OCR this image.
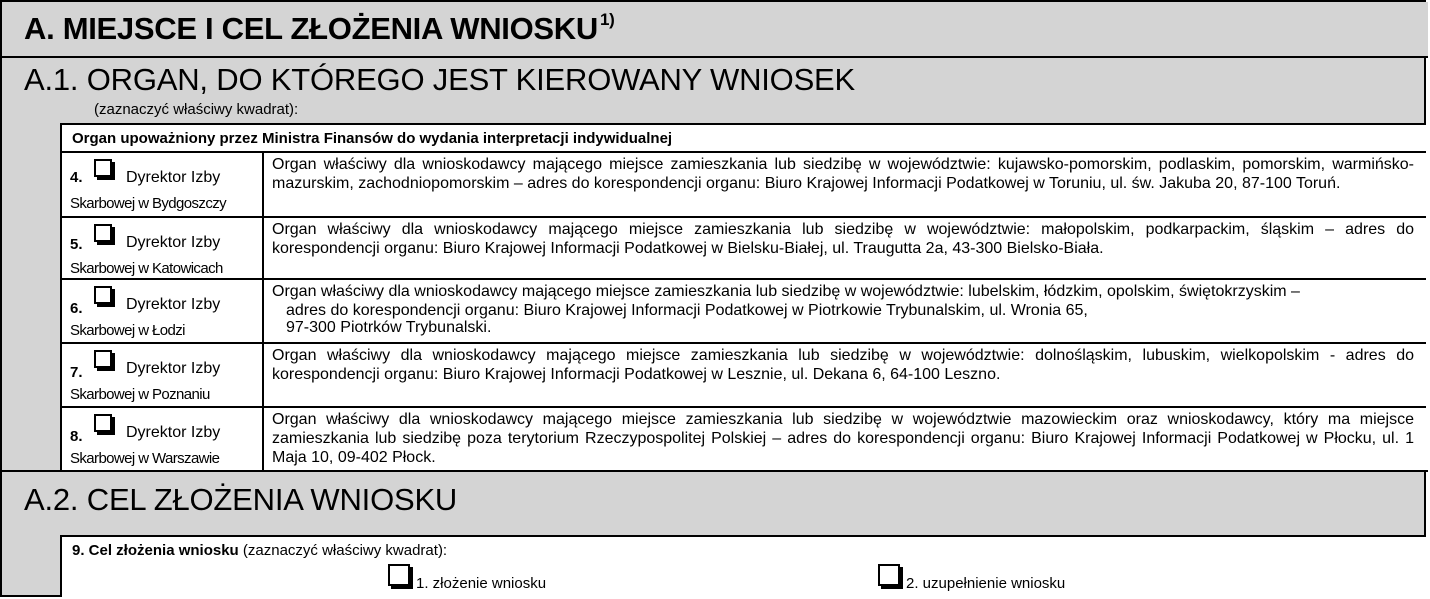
A. MIEJSCE I CEL ZŁOŻENIA WNIOSKU $^{1)}$
A.1. ORGAN, DO KTÓREGO JEST KIEROWANY WNIOSEK
(zaznaczyć właściwy kwadrat):
Organ upoważniony przez Ministra Finansów do wydania interpretacji indywidualnej
4.	Dyrektor Izby
Skarbowej w Bydgoszczy
Organ właściwy dla wnioskodawcy mającego miejsce zamieszkania lub siedzibę w województwie: kujawsko-pomorskim, podlaskim, pomorskim, warmińsko-mazurskim, zachodniopomorskim – adres do korespondencji organu: Biuro Krajowej Informacji Podatkowej w Toruniu, ul. św. Jakuba 20, 87-100 Toruń.
5.	Dyrektor Izby
Skarbowej w Katowicach
Organ właściwy dla wnioskodawcy mającego miejsce zamieszkania lub siedzibę w województwie: małopolskim, podkarpackim, śląskim – adres do korespondencji organu: Biuro Krajowej Informacji Podatkowej w Bielsku-Białej, ul. Traugutta 2a, 43-300 Bielsko-Biała.
6.	Dyrektor Izby
Skarbowej w Łodzi
Organ właściwy dla wnioskodawcy mającego miejsce zamieszkania lub siedzibę w województwie: lubelskim, łódzkim, opolskim, świętokrzyskim –
adres do korespondencji organu: Biuro Krajowej Informacji Podatkowej w Piotrkowie Trybunalskim, ul. Wronia 65,
97-300 Piotrków Trybunalski.
7.	Dyrektor Izby
Skarbowej w Poznaniu
Organ właściwy dla wnioskodawcy mającego miejsce zamieszkania lub siedzibę w województwie: dolnośląskim, lubuskim, wielkopolskim - adres do korespondencji organu: Biuro Krajowej Informacji Podatkowej w Lesznie, ul. Dekana 6, 64-100 Leszno.
8.	Dyrektor Izby
Skarbowej w Warszawie
Organ właściwy dla wnioskodawcy mającego miejsce zamieszkania lub siedzibę w województwie mazowieckim oraz wnioskodawcy, który ma miejsce zamieszkania lub siedzibę poza terytorium Rzeczypospolitej Polskiej – adres do korespondencji organu: Biuro Krajowej Informacji Podatkowej w Płocku, ul. 1 Maja 10, 09-402 Płock.
A.2. CEL ZŁOŻENIA WNIOSKU
9. Cel złożenia wniosku (zaznaczyć właściwy kwadrat):
1. złożenie wniosku	2. uzupełnienie wniosku
